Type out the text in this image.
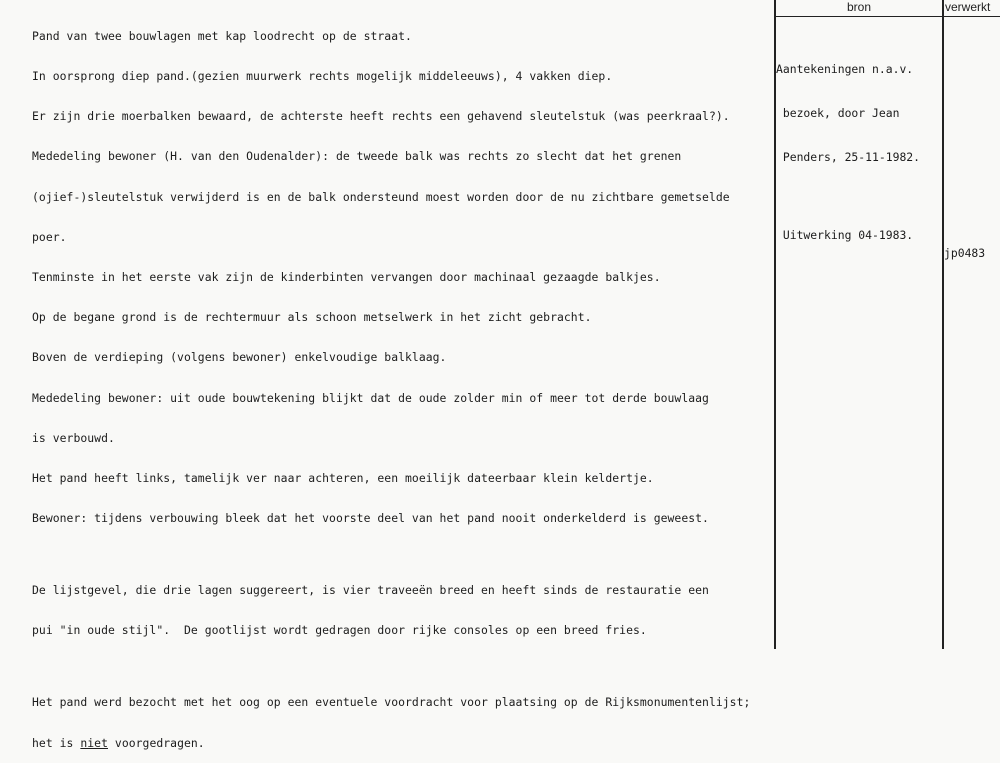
bron	verwerkt

Pand van twee bouwlagen met kap loodrecht op de straat.

In oorsprong diep pand.(gezien muurwerk rechts mogelijk middeleeuws), 4 vakken diep.

Er zijn drie moerbalken bewaard, de achterste heeft rechts een gehavend sleutelstuk (was peerkraal?).

Mededeling bewoner (H. van den Oudenalder): de tweede balk was rechts zo slecht dat het grenen

(ojief-)sleutelstuk verwijderd is en de balk ondersteund moest worden door de nu zichtbare gemetselde

poer.

Tenminste in het eerste vak zijn de kinderbinten vervangen door machinaal gezaagde balkjes.

Op de begane grond is de rechtermuur als schoon metselwerk in het zicht gebracht.

Boven de verdieping (volgens bewoner) enkelvoudige balklaag.

Mededeling bewoner: uit oude bouwtekening blijkt dat de oude zolder min of meer tot derde bouwlaag

is verbouwd.

Het pand heeft links, tamelijk ver naar achteren, een moeilijk dateerbaar klein keldertje.

Bewoner: tijdens verbouwing bleek dat het voorste deel van het pand nooit onderkelderd is geweest.

De lijstgevel, die drie lagen suggereert, is vier traveeën breed en heeft sinds de restauratie een

pui "in oude stijl".  De gootlijst wordt gedragen door rijke consoles op een breed fries.

Het pand werd bezocht met het oog op een eventuele voordracht voor plaatsing op de Rijksmonumentenlijst;

het is niet voorgedragen.

Aantekeningen n.a.v.

bezoek, door Jean

Penders, 25-11-1982.

Uitwerking 04-1983.

jp0483
